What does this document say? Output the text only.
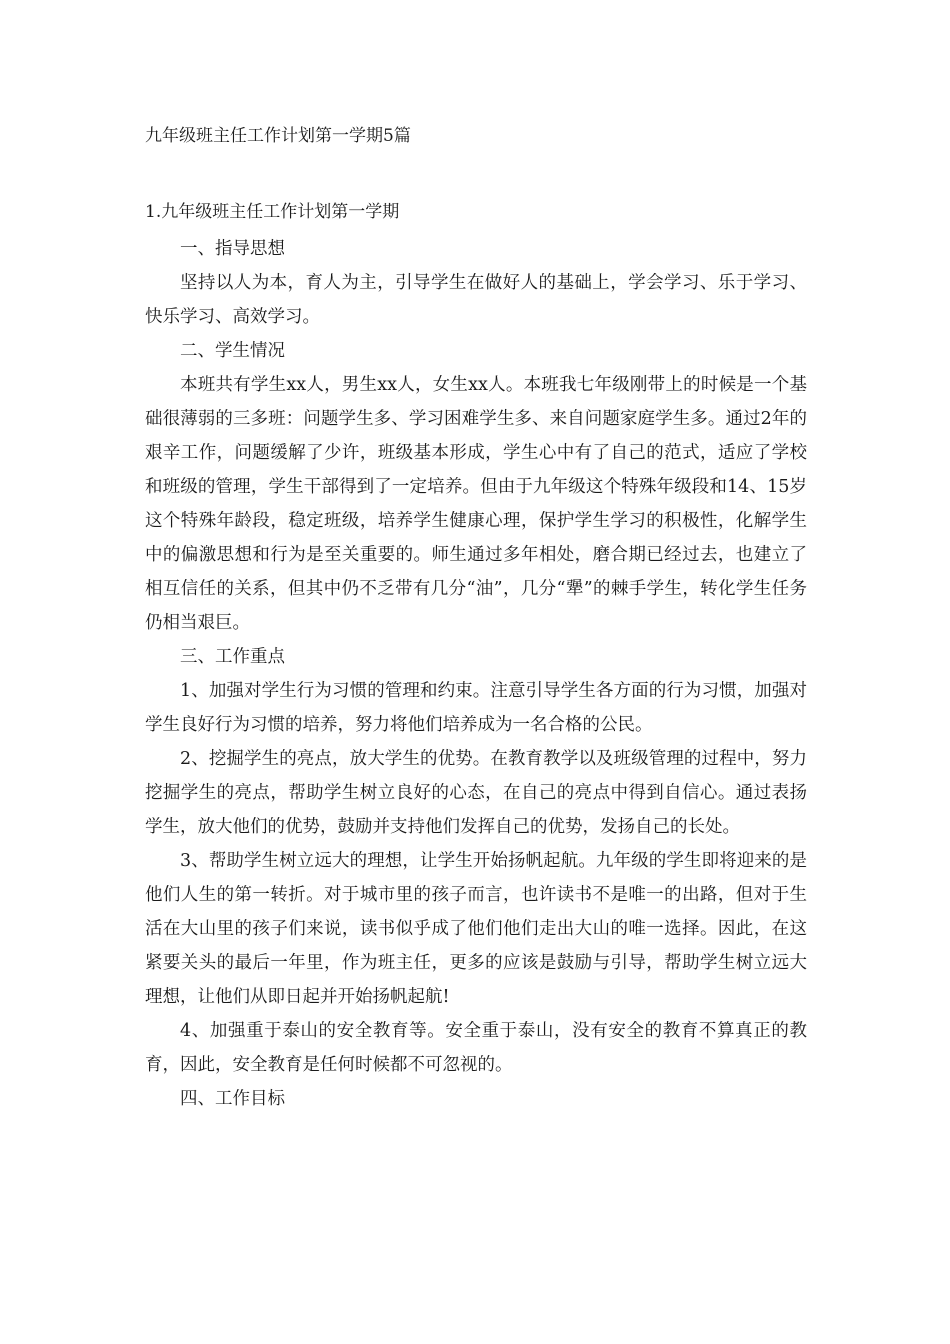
九年级班主任工作计划第一学期5篇
1.九年级班主任工作计划第一学期

一、指导思想

坚持以人为本，育人为主，引导学生在做好人的基础上，学会学习、乐于学习、快乐学习、高效学习。

二、学生情况

本班共有学生xx人，男生xx人，女生xx人。本班我七年级刚带上的时候是一个基础很薄弱的三多班：问题学生多、学习困难学生多、来自问题家庭学生多。通过2年的艰辛工作，问题缓解了少许，班级基本形成，学生心中有了自己的范式，适应了学校和班级的管理，学生干部得到了一定培养。但由于九年级这个特殊年级段和14、15岁这个特殊年龄段，稳定班级，培养学生健康心理，保护学生学习的积极性，化解学生中的偏激思想和行为是至关重要的。师生通过多年相处，磨合期已经过去，也建立了相互信任的关系，但其中仍不乏带有几分“油”，几分“犟”的棘手学生，转化学生任务仍相当艰巨。

三、工作重点

1、加强对学生行为习惯的管理和约束。注意引导学生各方面的行为习惯，加强对学生良好行为习惯的培养，努力将他们培养成为一名合格的公民。

2、挖掘学生的亮点，放大学生的优势。在教育教学以及班级管理的过程中，努力挖掘学生的亮点，帮助学生树立良好的心态，在自己的亮点中得到自信心。通过表扬学生，放大他们的优势，鼓励并支持他们发挥自己的优势，发扬自己的长处。

3、帮助学生树立远大的理想，让学生开始扬帆起航。九年级的学生即将迎来的是他们人生的第一转折。对于城市里的孩子而言，也许读书不是唯一的出路，但对于生活在大山里的孩子们来说，读书似乎成了他们他们走出大山的唯一选择。因此，在这紧要关头的最后一年里，作为班主任，更多的应该是鼓励与引导，帮助学生树立远大理想，让他们从即日起并开始扬帆起航!

4、加强重于泰山的安全教育等。安全重于泰山，没有安全的教育不算真正的教育，因此，安全教育是任何时候都不可忽视的。

四、工作目标
